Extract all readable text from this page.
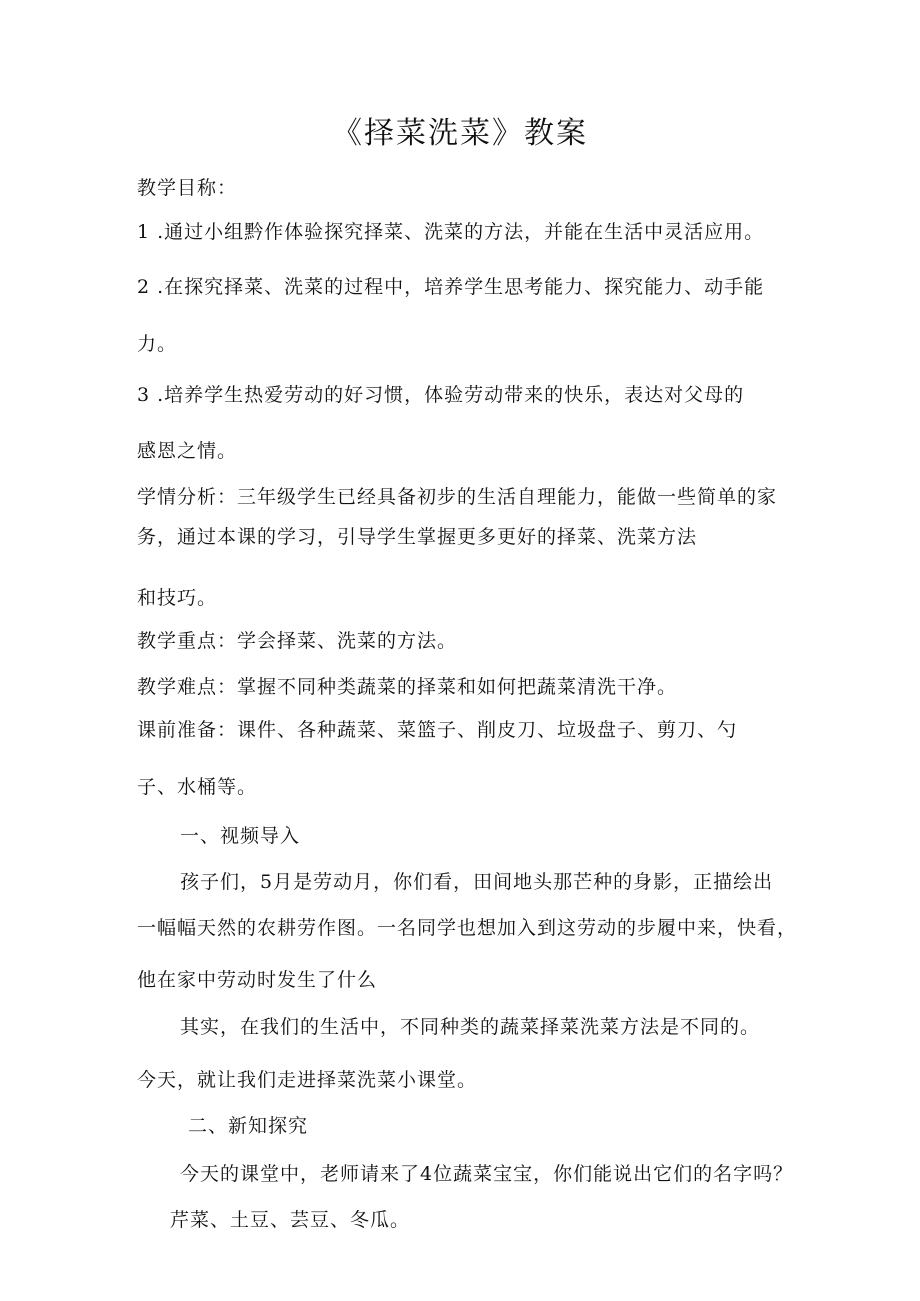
《择菜洗菜》教案
教学目称：
1 .通过小组黔作体验探究择菜、洗菜的方法，并能在生活中灵活应用。
2 .在探究择菜、洗菜的过程中，培养学生思考能力、探究能力、动手能
力。
3 .培养学生热爱劳动的好习惯，体验劳动带来的快乐，表达对父母的
感恩之情。
学情分析：三年级学生已经具备初步的生活自理能力，能做一些简单的家
务，通过本课的学习，引导学生掌握更多更好的择菜、洗菜方法
和技巧。
教学重点：学会择菜、洗菜的方法。
教学难点：掌握不同种类蔬菜的择菜和如何把蔬菜清洗干净。
课前准备：课件、各种蔬菜、菜篮子、削皮刀、垃圾盘子、剪刀、勺
子、水桶等。
一、视频导入
孩子们，5月是劳动月，你们看，田间地头那芒种的身影，正描绘出
一幅幅天然的农耕劳作图。一名同学也想加入到这劳动的步履中来，快看，
他在家中劳动时发生了什么
其实，在我们的生活中，不同种类的蔬菜择菜洗菜方法是不同的。
今天，就让我们走进择菜洗菜小课堂。
二、新知探究
今天的课堂中，老师请来了4位蔬菜宝宝，你们能说出它们的名字吗？
芹菜、土豆、芸豆、冬瓜。
